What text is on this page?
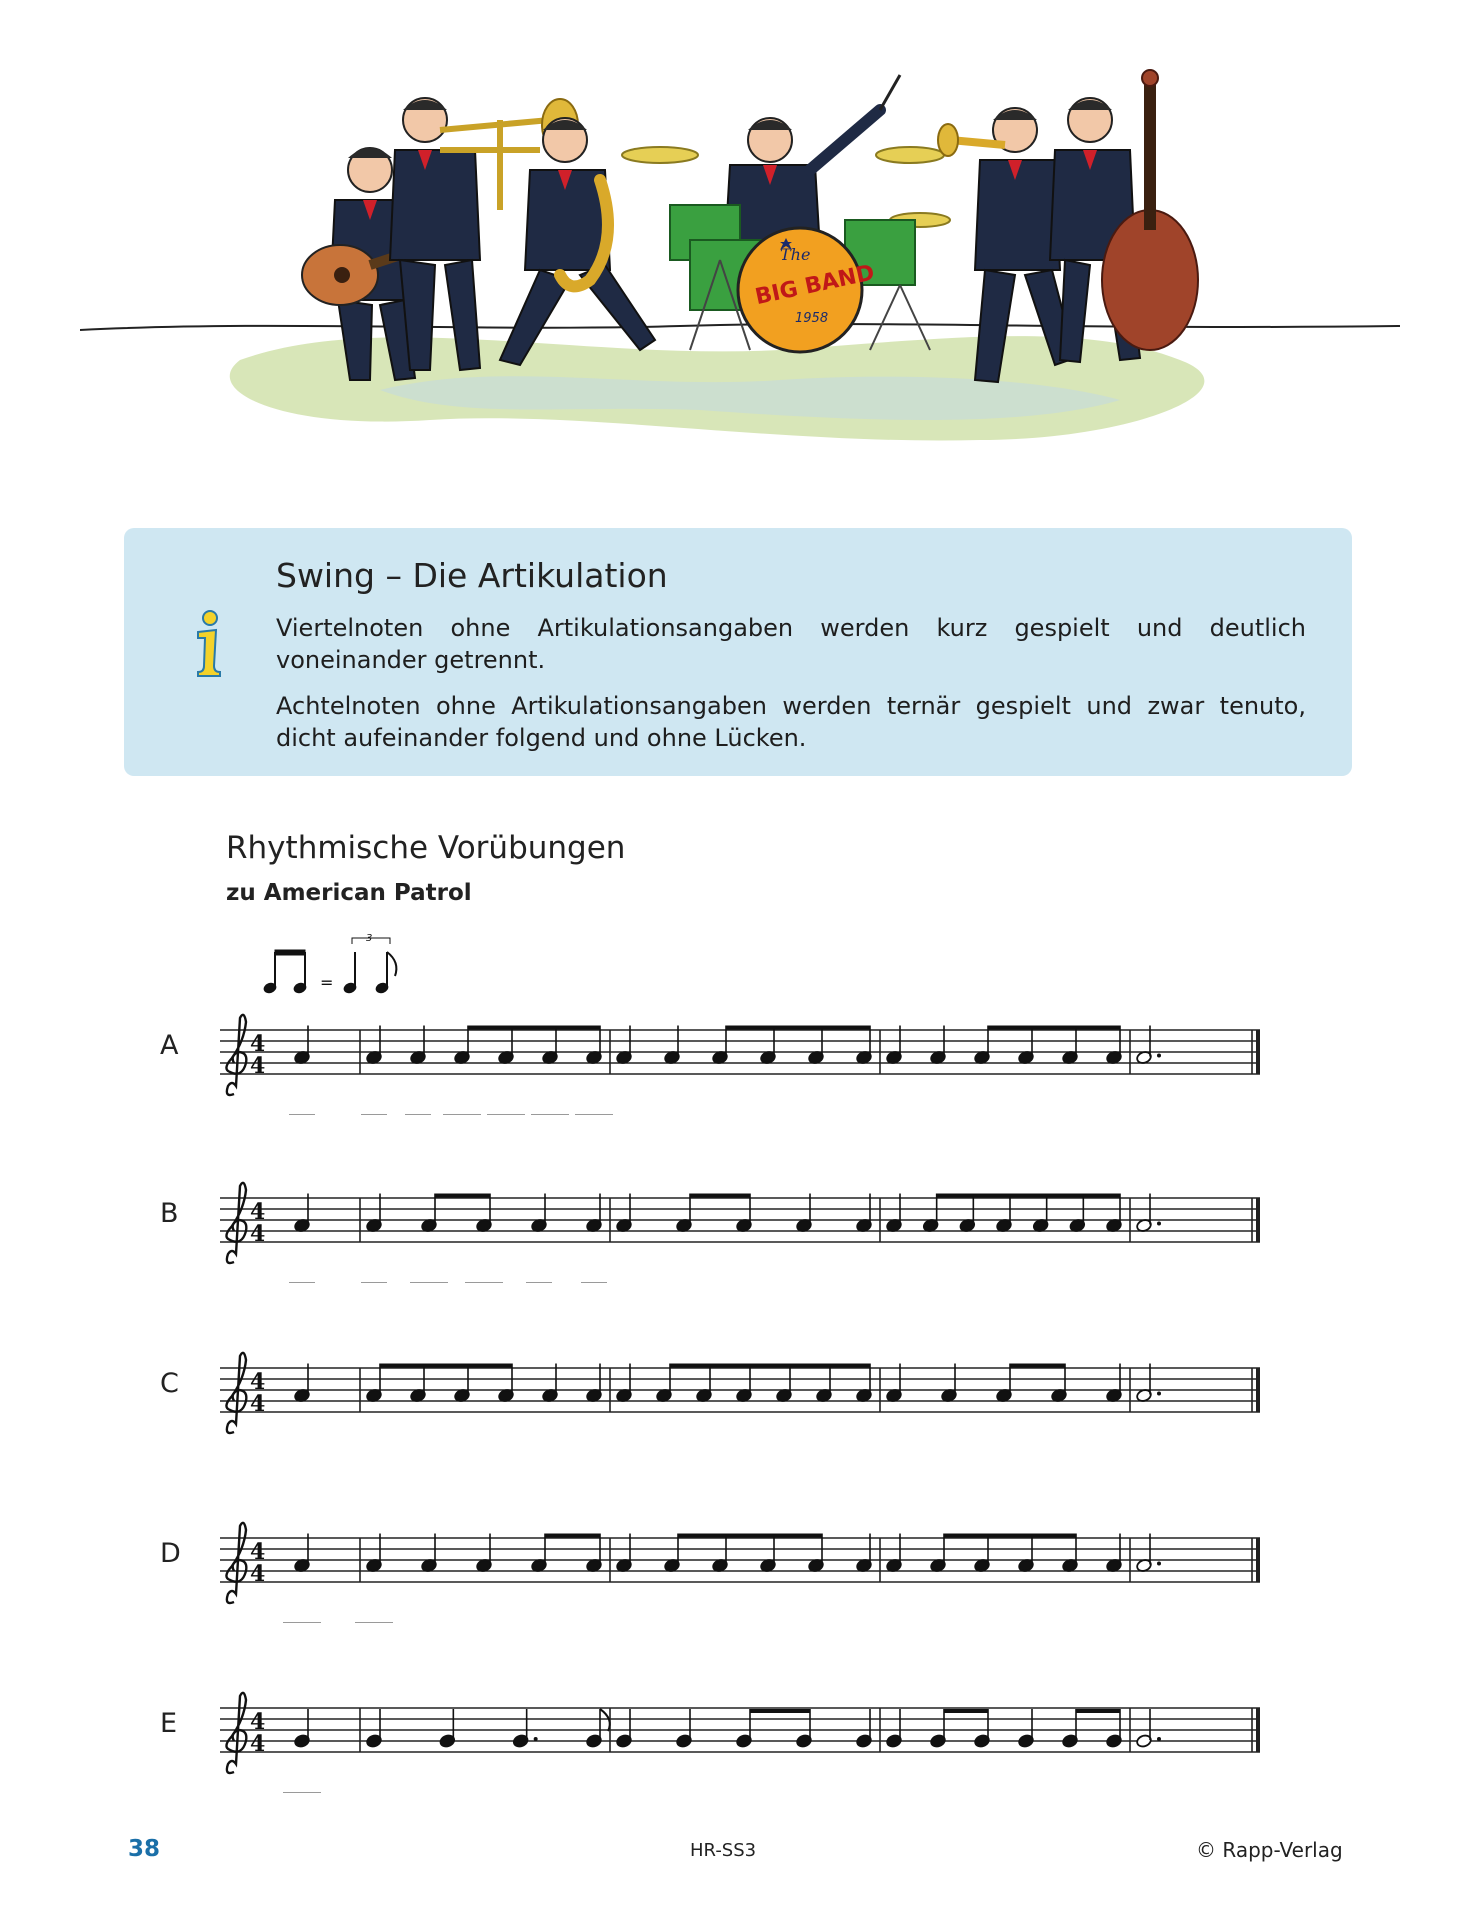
The
BIG BAND
1958
Swing – Die Artikulation

Viertelnoten ohne Artikulationsangaben werden kurz gespielt und deutlich voneinander getrennt.

Achtelnoten ohne Artikulationsangaben werden ternär gespielt und zwar tenuto, dicht aufeinander folgend und ohne Lücken.

Rhythmische Vorübungen
zu American Patrol
=
3
A	4
4
B	4
4
C	4
4
D	4
4
E	4
4
38	HR-SS3	© Rapp-Verlag
